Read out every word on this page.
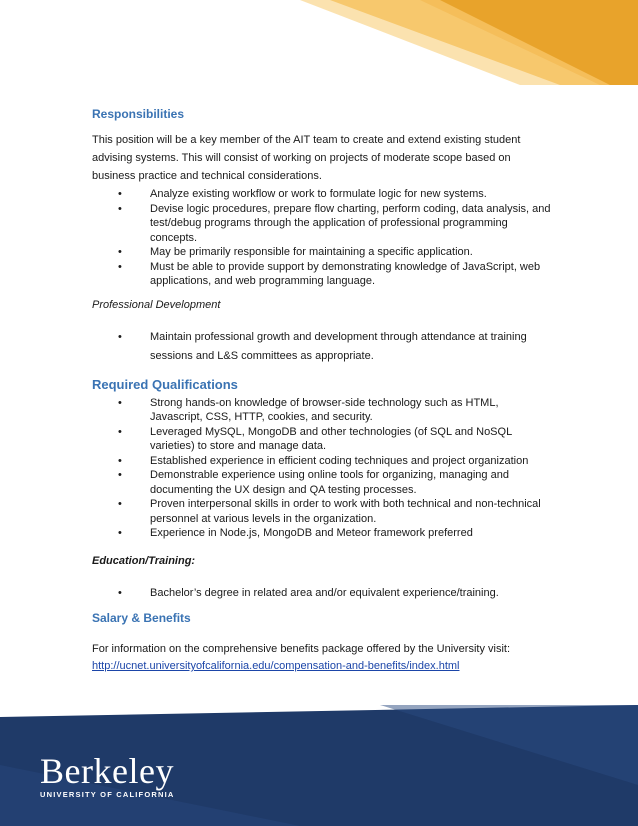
Responsibilities

This position will be a key member of the AIT team to create and extend existing student advising systems. This will consist of working on projects of moderate scope based on business practice and technical considerations.

•	Analyze existing workflow or work to formulate logic for new systems.
•	Devise logic procedures, prepare flow charting, perform coding, data analysis, and test/debug programs through the application of professional programming concepts.
•	May be primarily responsible for maintaining a specific application.
•	Must be able to provide support by demonstrating knowledge of JavaScript, web applications, and web programming language.
Professional Development
•	Maintain professional growth and development through attendance at training sessions and L&S committees as appropriate.
Required Qualifications
•	Strong hands-on knowledge of browser-side technology such as HTML, Javascript, CSS, HTTP, cookies, and security.
•	Leveraged MySQL, MongoDB and other technologies (of SQL and NoSQL varieties) to store and manage data.
•	Established experience in efficient coding techniques and project organization
•	Demonstrable experience using online tools for organizing, managing and documenting the UX design and QA testing processes.
•	Proven interpersonal skills in order to work with both technical and non-technical personnel at various levels in the organization.
•	Experience in Node.js, MongoDB and Meteor framework preferred
Education/Training:
•	Bachelor’s degree in related area and/or equivalent experience/training.
Salary & Benefits
For information on the comprehensive benefits package offered by the University visit:
http://ucnet.universityofcalifornia.edu/compensation-and-benefits/index.html
Berkeley
UNIVERSITY OF CALIFORNIA
